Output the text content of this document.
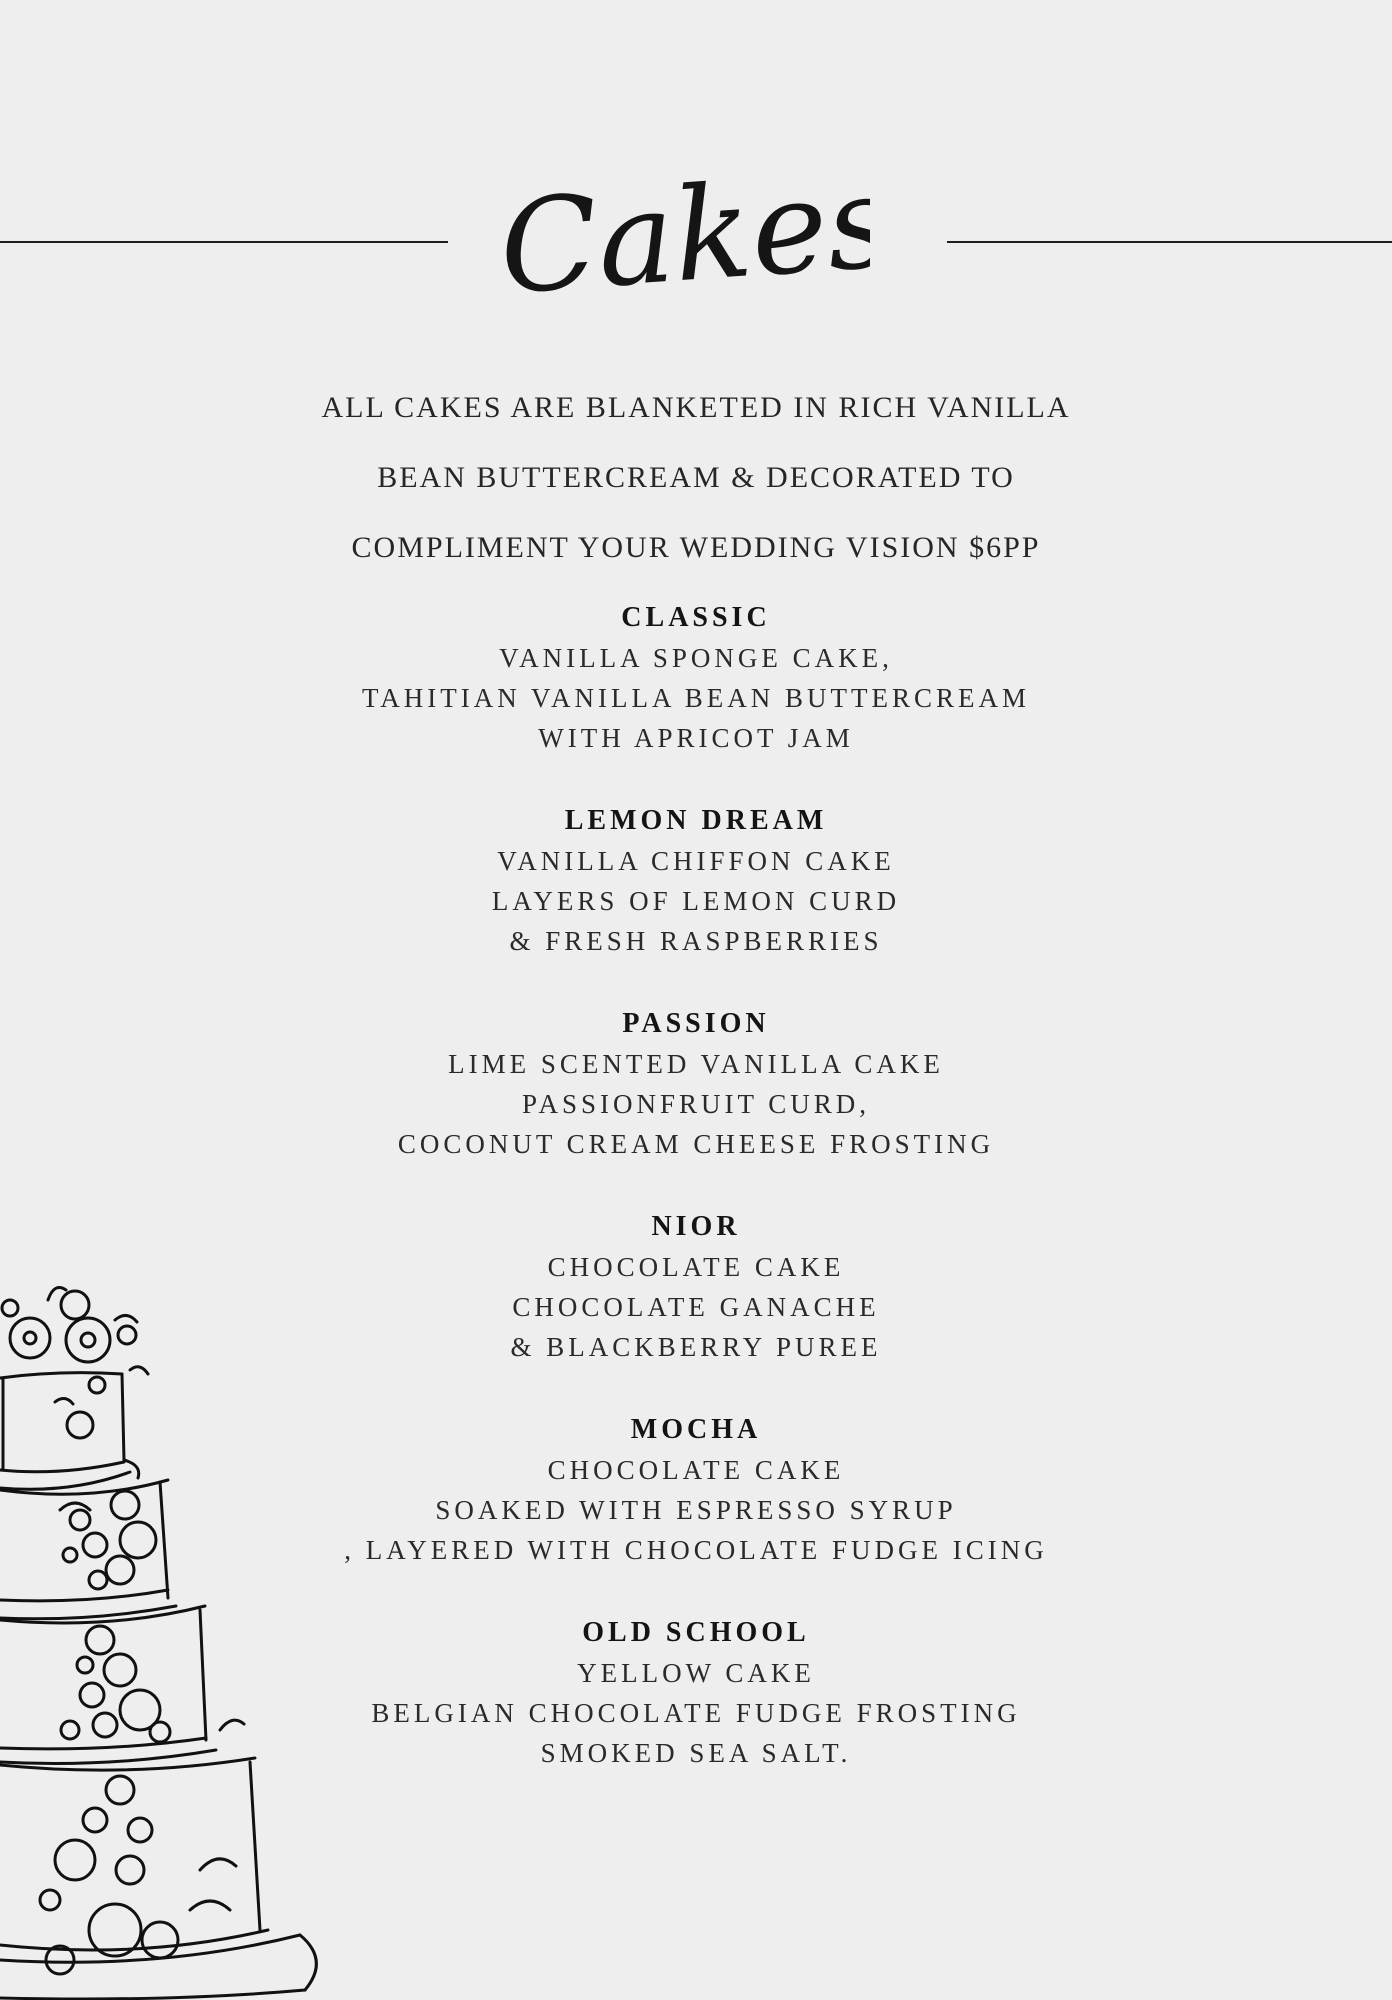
Cakes

ALL CAKES ARE BLANKETED IN RICH VANILLA

BEAN BUTTERCREAM & DECORATED TO

COMPLIMENT YOUR WEDDING VISION $6PP

CLASSIC
VANILLA SPONGE CAKE,
TAHITIAN VANILLA BEAN BUTTERCREAM
WITH APRICOT JAM
LEMON DREAM
VANILLA CHIFFON CAKE
LAYERS OF LEMON CURD
& FRESH RASPBERRIES
PASSION
LIME SCENTED VANILLA CAKE
PASSIONFRUIT CURD,
COCONUT CREAM CHEESE FROSTING
NIOR
CHOCOLATE CAKE
CHOCOLATE GANACHE
& BLACKBERRY PUREE
MOCHA
CHOCOLATE CAKE
SOAKED WITH ESPRESSO SYRUP
, LAYERED WITH CHOCOLATE FUDGE ICING
OLD SCHOOL
YELLOW CAKE
BELGIAN CHOCOLATE FUDGE FROSTING
SMOKED SEA SALT.
